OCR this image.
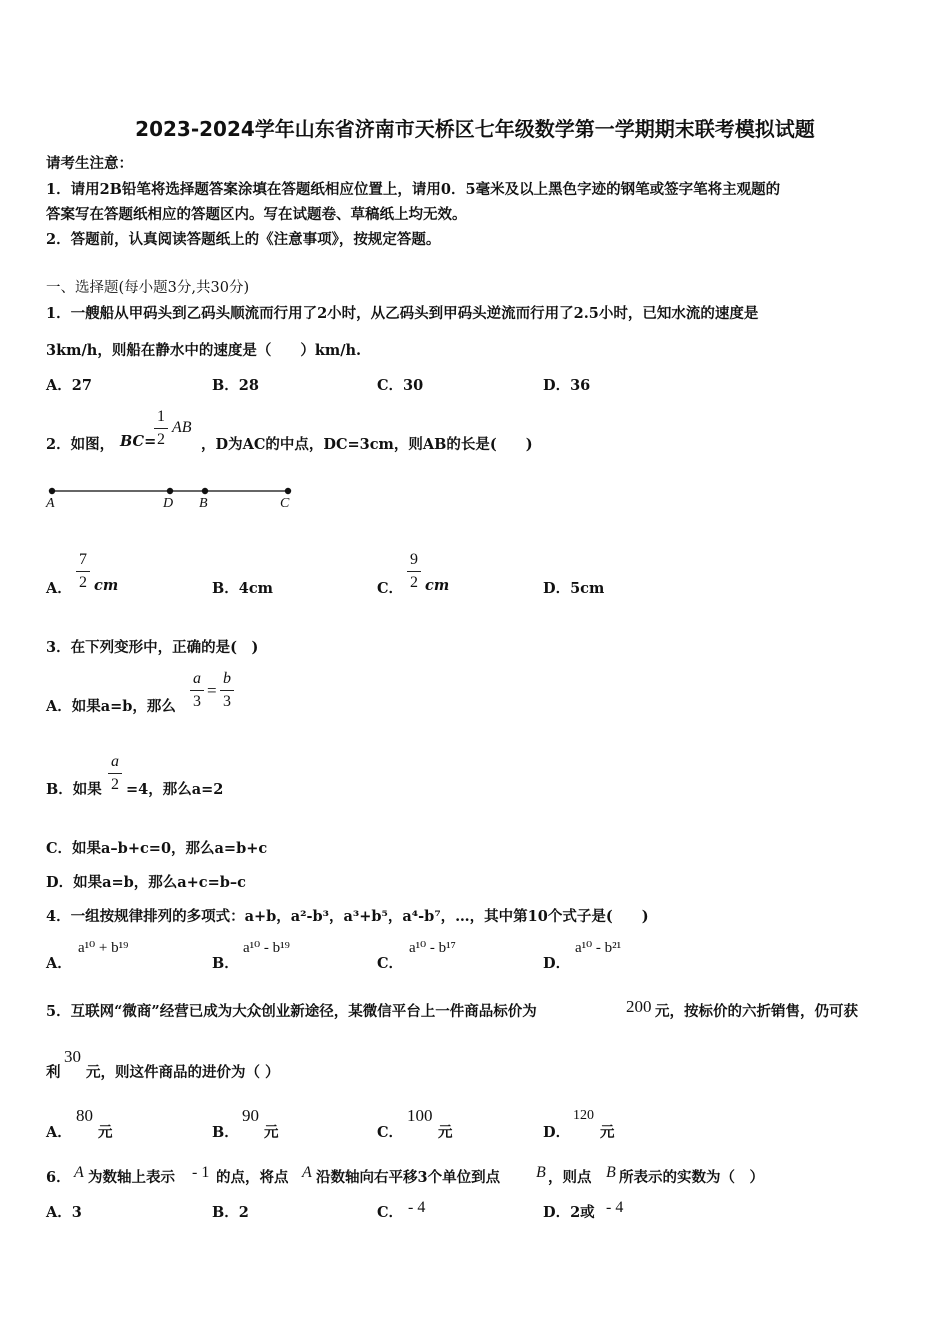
2023-2024学年山东省济南市天桥区七年级数学第一学期期末联考模拟试题
请考生注意：
1．请用2B铅笔将选择题答案涂填在答题纸相应位置上，请用0．5毫米及以上黑色字迹的钢笔或签字笔将主观题的
答案写在答题纸相应的答题区内。写在试题卷、草稿纸上均无效。
2．答题前，认真阅读答题纸上的《注意事项》，按规定答题。
一、选择题(每小题3分,共30分)
1．一艘船从甲码头到乙码头顺流而行用了2小时，从乙码头到甲码头逆流而行用了2.5小时，已知水流的速度是
3km/h，则船在静水中的速度是（　　）km/h.
A．27	B．28	C．30	D．36
2．如图， BC=
1
2
AB
，D为AC的中点，DC=3cm，则AB的长是(　　)
A	D B	C
A．
7
2 cm	B．4cm	C．
9
2 cm	D．5cm
3．在下列变形中，正确的是(　)
A．如果a=b，那么
a
3
=
b
3
B．如果
a
2 =4，那么a=2
C．如果a–b+c=0，那么a=b+c
D．如果a=b，那么a+c=b–c
4．一组按规律排列的多项式：a+b，a²-b³，a³+b⁵，a⁴-b⁷，…，其中第10个式子是(　　)
A．
a¹⁰ + b¹⁹
B．
a¹⁰ - b¹⁹
C．
a¹⁰ - b¹⁷
D．
a¹⁰ - b²¹
5．互联网“微商”经营已成为大众创业新途径，某微信平台上一件商品标价为	200 元，按标价的六折销售，仍可获
利
30
元，则这件商品的进价为（ ）
A．
80
元	B．
90
元	C．
100
元	D．
120
元
6． A 为数轴上表示 - 1 的点，将点 A 沿数轴向右平移3个单位到点 B ，则点 B 所表示的实数为（　）
A．3	B．2	C． - 4	D．2或 - 4
